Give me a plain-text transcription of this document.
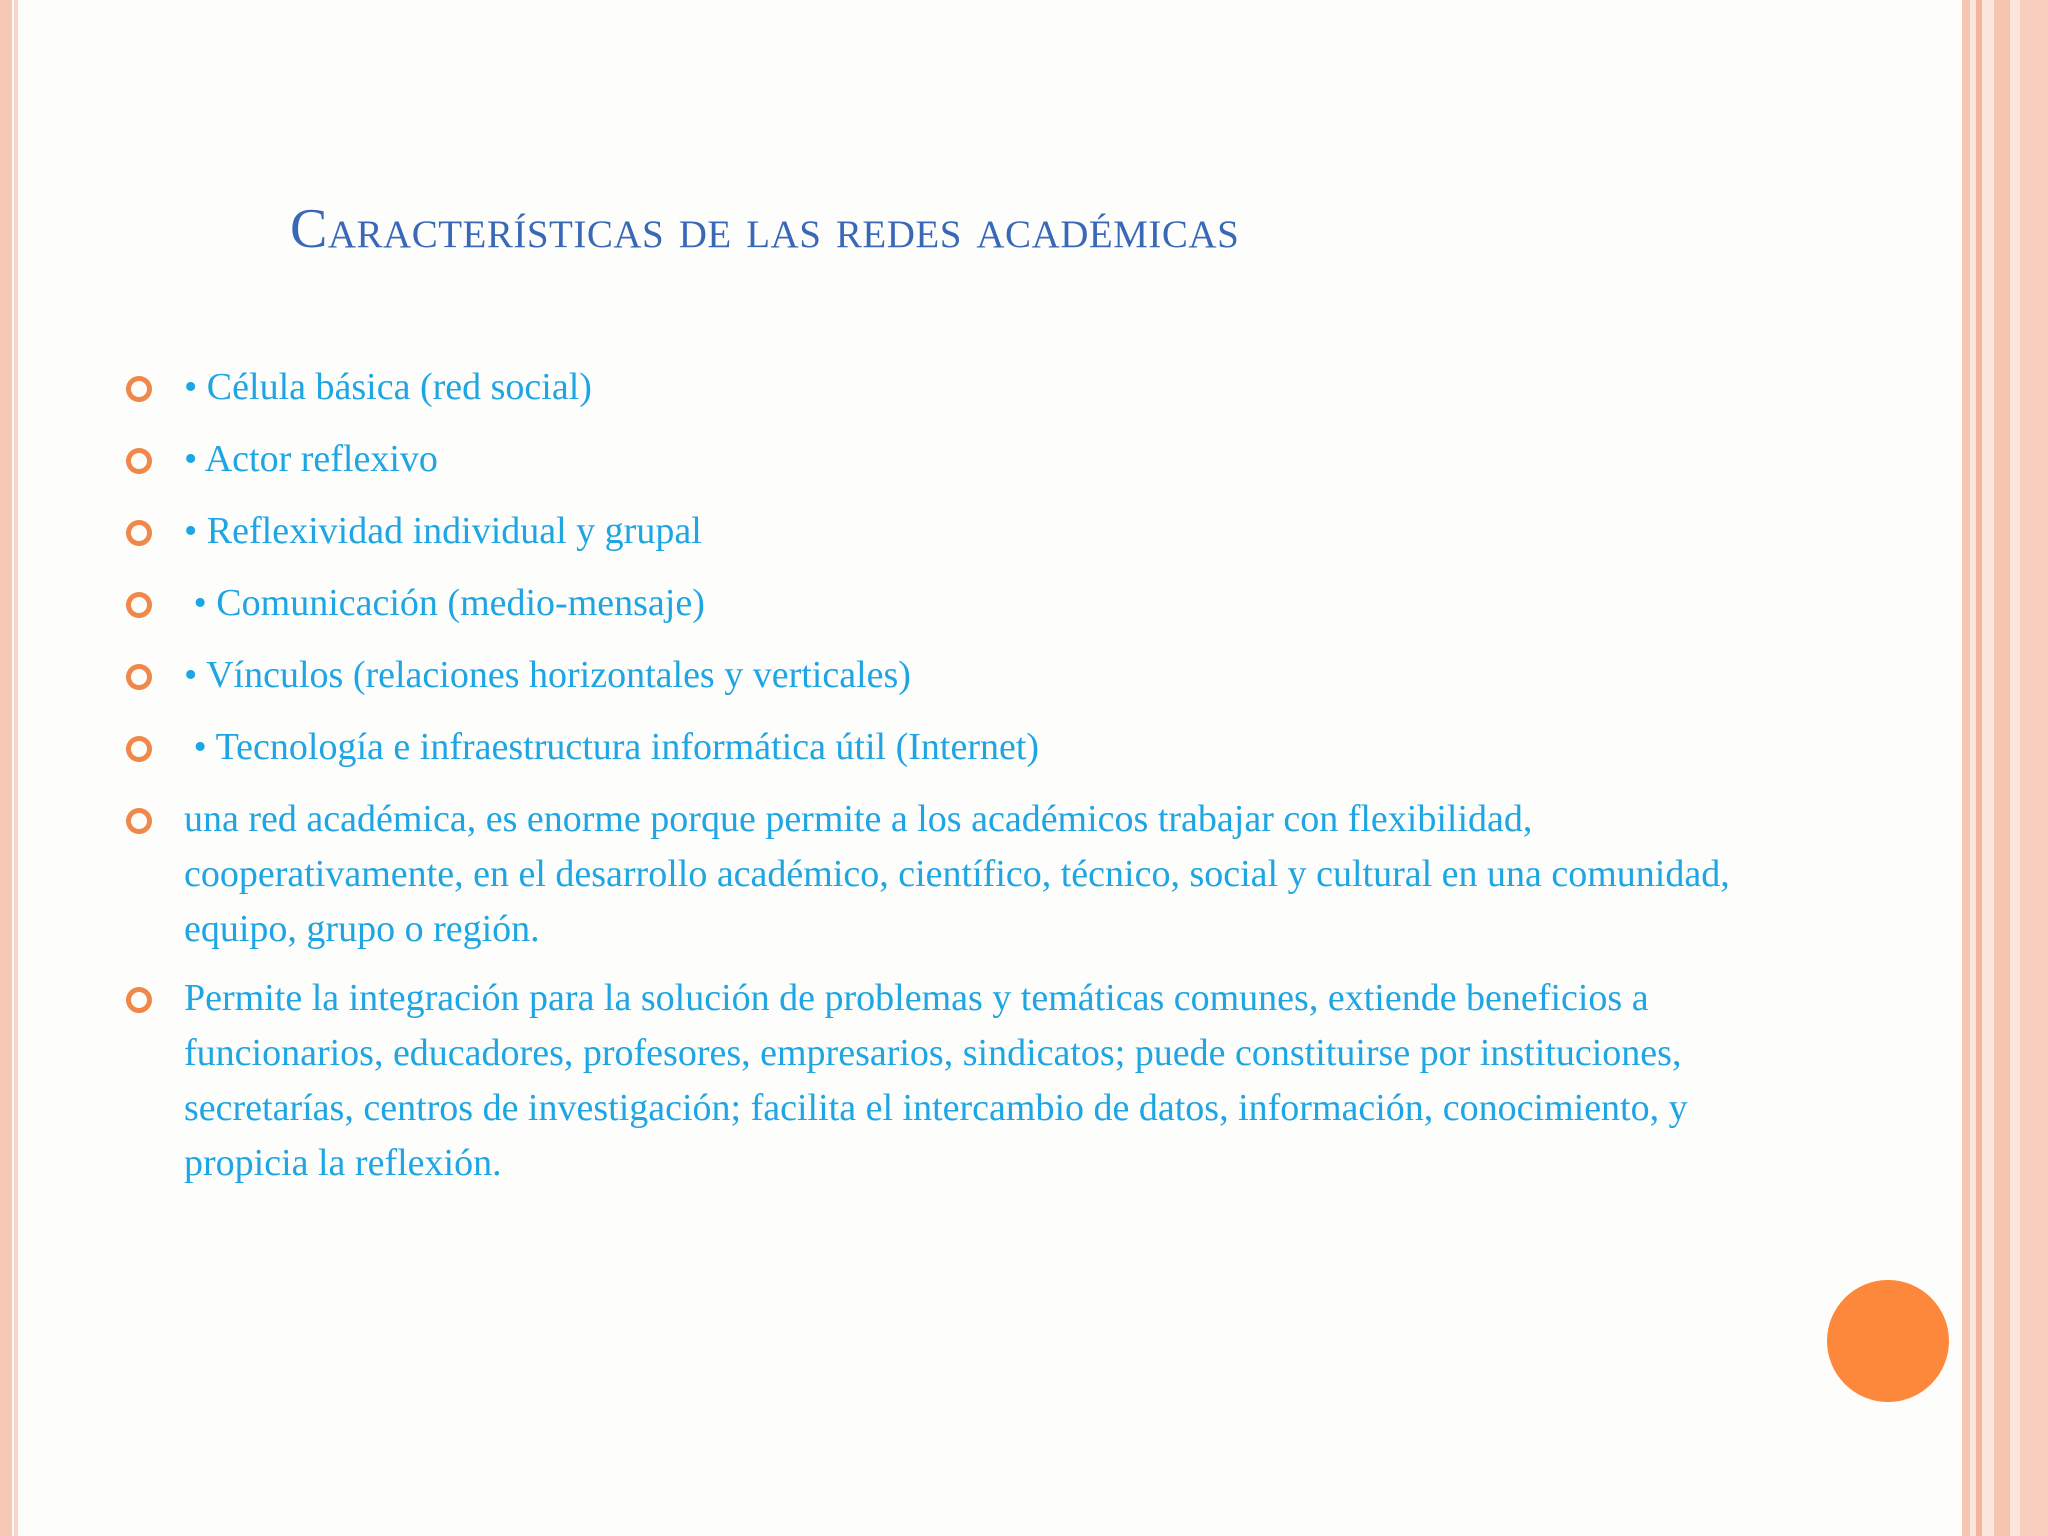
Características de las redes académicas
• Célula básica (red social)
• Actor reflexivo
• Reflexividad individual y grupal
• Comunicación (medio-mensaje)
• Vínculos (relaciones horizontales y verticales)
• Tecnología e infraestructura informática útil (Internet)
una red académica, es enorme porque permite a los académicos trabajar con flexibilidad, cooperativamente, en el desarrollo académico, científico, técnico, social y cultural en una comunidad, equipo, grupo o región.
Permite la integración para la solución de problemas y temáticas comunes, extiende beneficios a funcionarios, educadores, profesores, empresarios, sindicatos; puede constituirse por instituciones, secretarías, centros de investigación; facilita el intercambio de datos, información, conocimiento, y propicia la reflexión.
